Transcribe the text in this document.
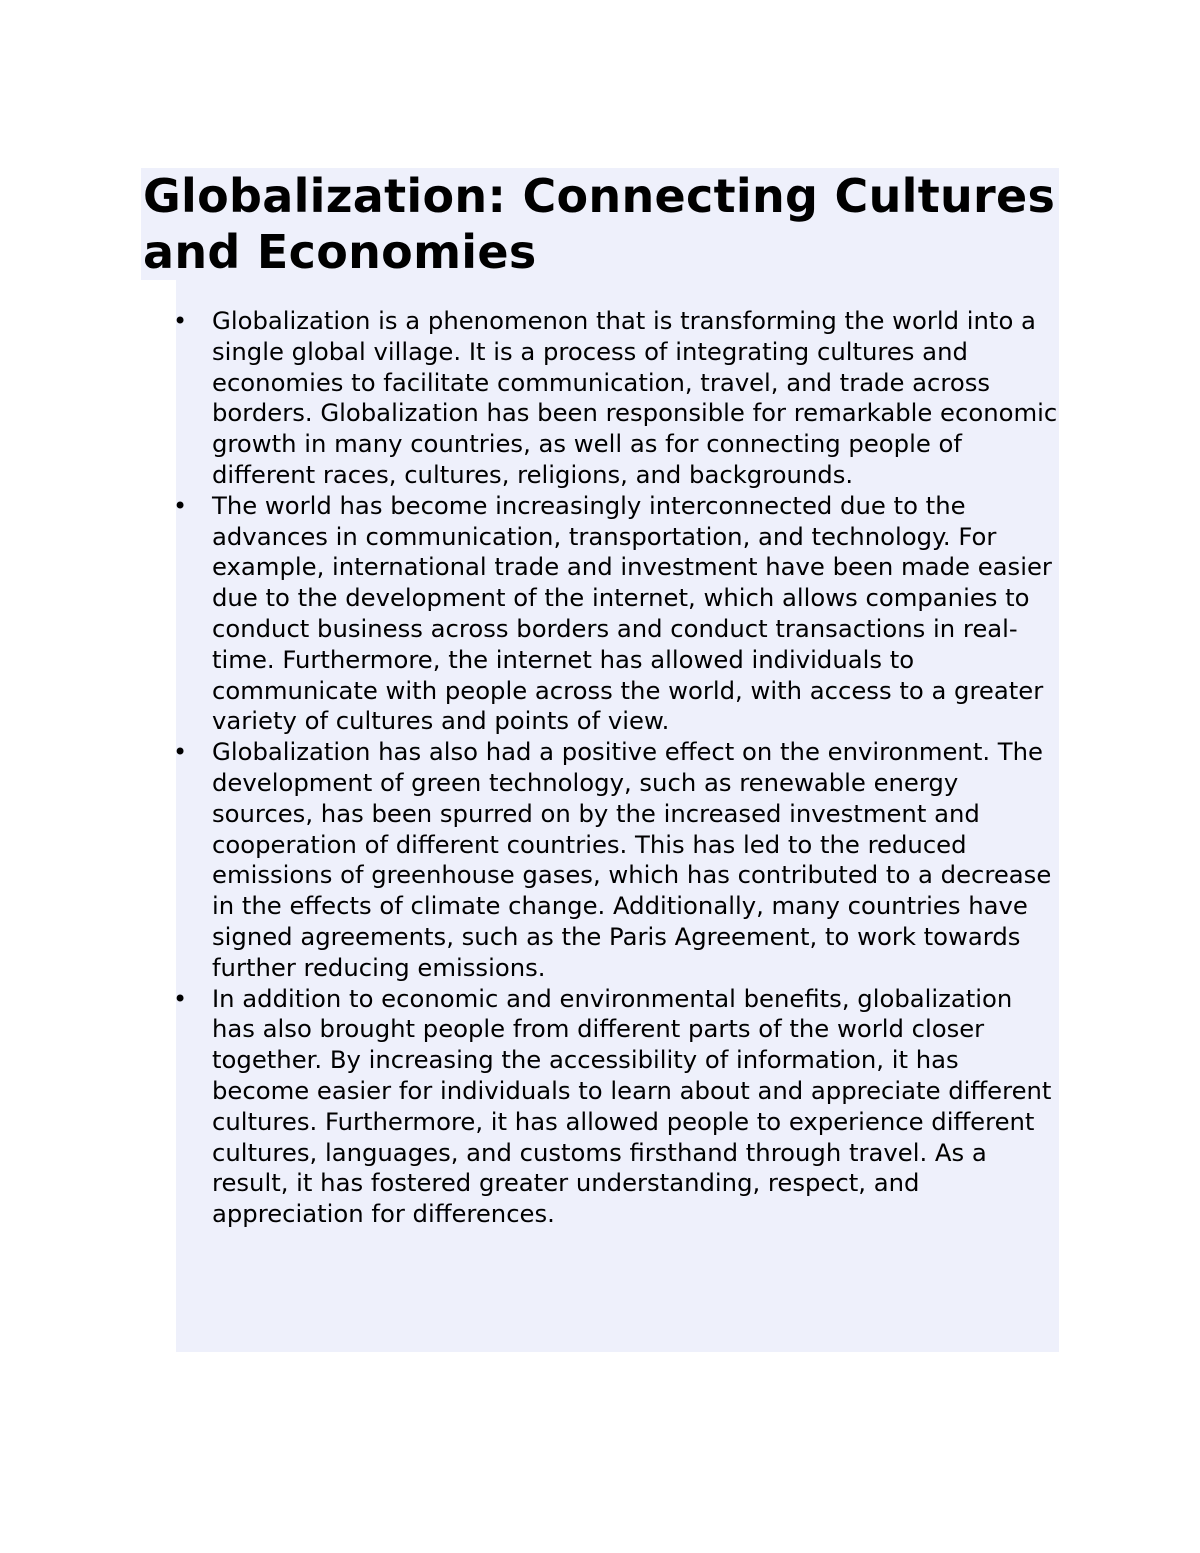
Globalization: Connecting Cultures and Economies
• Globalization is a phenomenon that is transforming the world into a single global village. It is a process of integrating cultures and economies to facilitate communication, travel, and trade across borders. Globalization has been responsible for remarkable economic growth in many countries, as well as for connecting people of different races, cultures, religions, and backgrounds.
• The world has become increasingly interconnected due to the advances in communication, transportation, and technology. For example, international trade and investment have been made easier due to the development of the internet, which allows companies to conduct business across borders and conduct transactions in real-time. Furthermore, the internet has allowed individuals to communicate with people across the world, with access to a greater variety of cultures and points of view.
• Globalization has also had a positive effect on the environment. The development of green technology, such as renewable energy sources, has been spurred on by the increased investment and cooperation of different countries. This has led to the reduced emissions of greenhouse gases, which has contributed to a decrease in the effects of climate change. Additionally, many countries have signed agreements, such as the Paris Agreement, to work towards further reducing emissions.
• In addition to economic and environmental benefits, globalization has also brought people from different parts of the world closer together. By increasing the accessibility of information, it has become easier for individuals to learn about and appreciate different cultures. Furthermore, it has allowed people to experience different cultures, languages, and customs firsthand through travel. As a result, it has fostered greater understanding, respect, and appreciation for differences.
